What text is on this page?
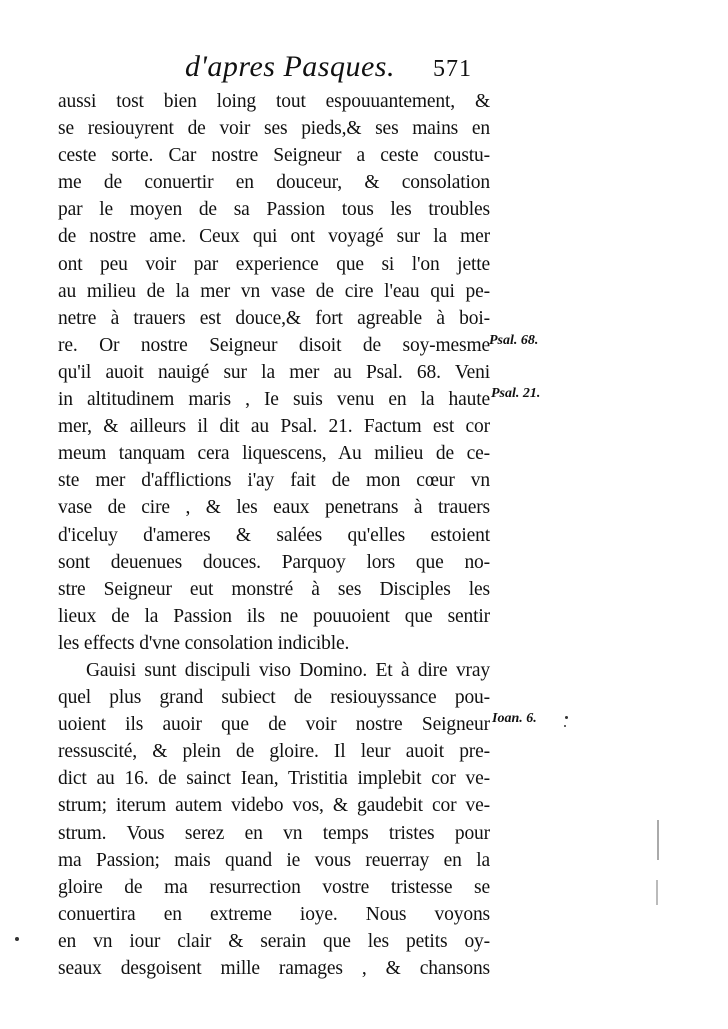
d'apres Pasques. 571
aussi tost bien loing tout espouuantement, &
se resiouyrent de voir ses pieds,& ses mains en
ceste sorte. Car nostre Seigneur a ceste coustu-
me de conuertir en douceur, & consolation
par le moyen de sa Passion tous les troubles
de nostre ame. Ceux qui ont voyagé sur la mer
ont peu voir par experience que si l'on jette
au milieu de la mer vn vase de cire l'eau qui pe-
netre à trauers est douce,& fort agreable à boi-
re. Or nostre Seigneur disoit de soy-mesme
qu'il auoit nauigé sur la mer au Psal. 68. Veni
in altitudinem maris , Ie suis venu en la haute
mer, & ailleurs il dit au Psal. 21. Factum est cor
meum tanquam cera liquescens, Au milieu de ce-
ste mer d'afflictions i'ay fait de mon cœur vn
vase de cire , & les eaux penetrans à trauers
d'iceluy d'ameres & salées qu'elles estoient
sont deuenues douces. Parquoy lors que no-
stre Seigneur eut monstré à ses Disciples les
lieux de la Passion ils ne pouuoient que sentir
les effects d'vne consolation indicible.
Gauisi sunt discipuli viso Domino. Et à dire vray
quel plus grand subiect de resiouyssance pou-
uoient ils auoir que de voir nostre Seigneur
ressuscité, & plein de gloire. Il leur auoit pre-
dict au 16. de sainct Iean, Tristitia implebit cor ve-
strum; iterum autem videbo vos, & gaudebit cor ve-
strum. Vous serez en vn temps tristes pour
ma Passion; mais quand ie vous reuerray en la
gloire de ma resurrection vostre tristesse se
conuertira en extreme ioye. Nous voyons
en vn iour clair & serain que les petits oy-
seaux desgoisent mille ramages , & chansons
Psal. 68.
Psal. 21.
Ioan. 6.
